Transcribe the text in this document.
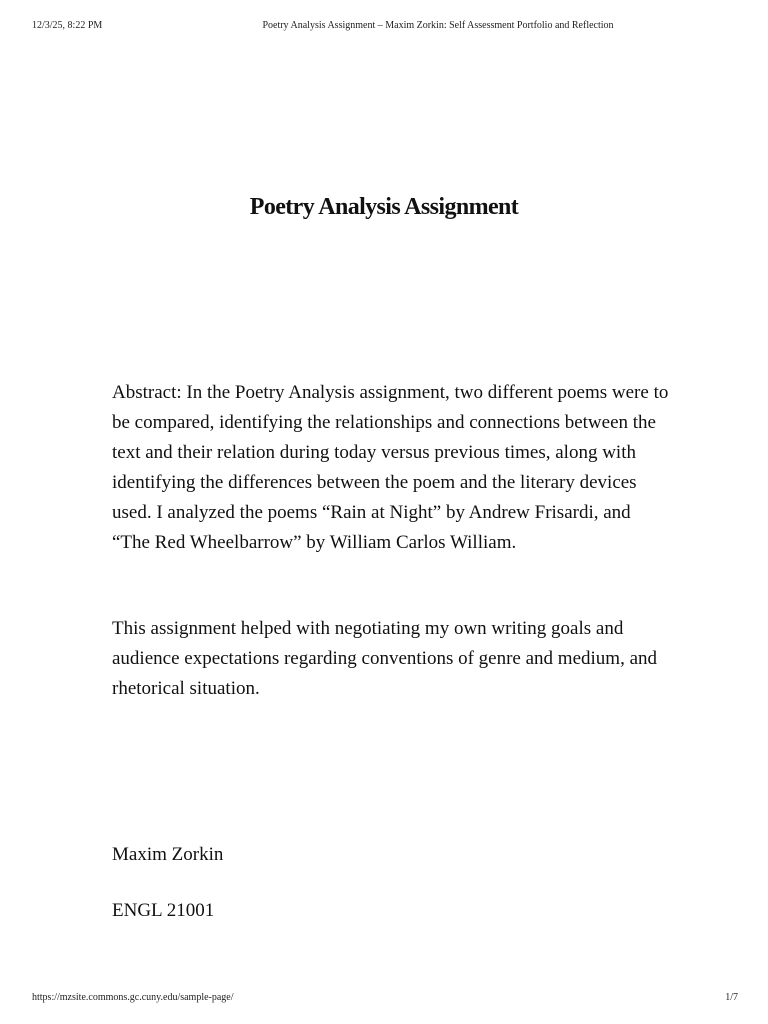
12/3/25, 8:22 PM	Poetry Analysis Assignment – Maxim Zorkin: Self Assessment Portfolio and Reflection
Poetry Analysis Assignment

Abstract: In the Poetry Analysis assignment, two different poems were to be compared, identifying the relationships and connections between the text and their relation during today versus previous times, along with identifying the differences between the poem and the literary devices used. I analyzed the poems “Rain at Night” by Andrew Frisardi, and “The Red Wheelbarrow” by William Carlos William.

This assignment helped with negotiating my own writing goals and audience expectations regarding conventions of genre and medium, and rhetorical situation.

Maxim Zorkin

ENGL 21001

https://mzsite.commons.gc.cuny.edu/sample-page/	1/7
